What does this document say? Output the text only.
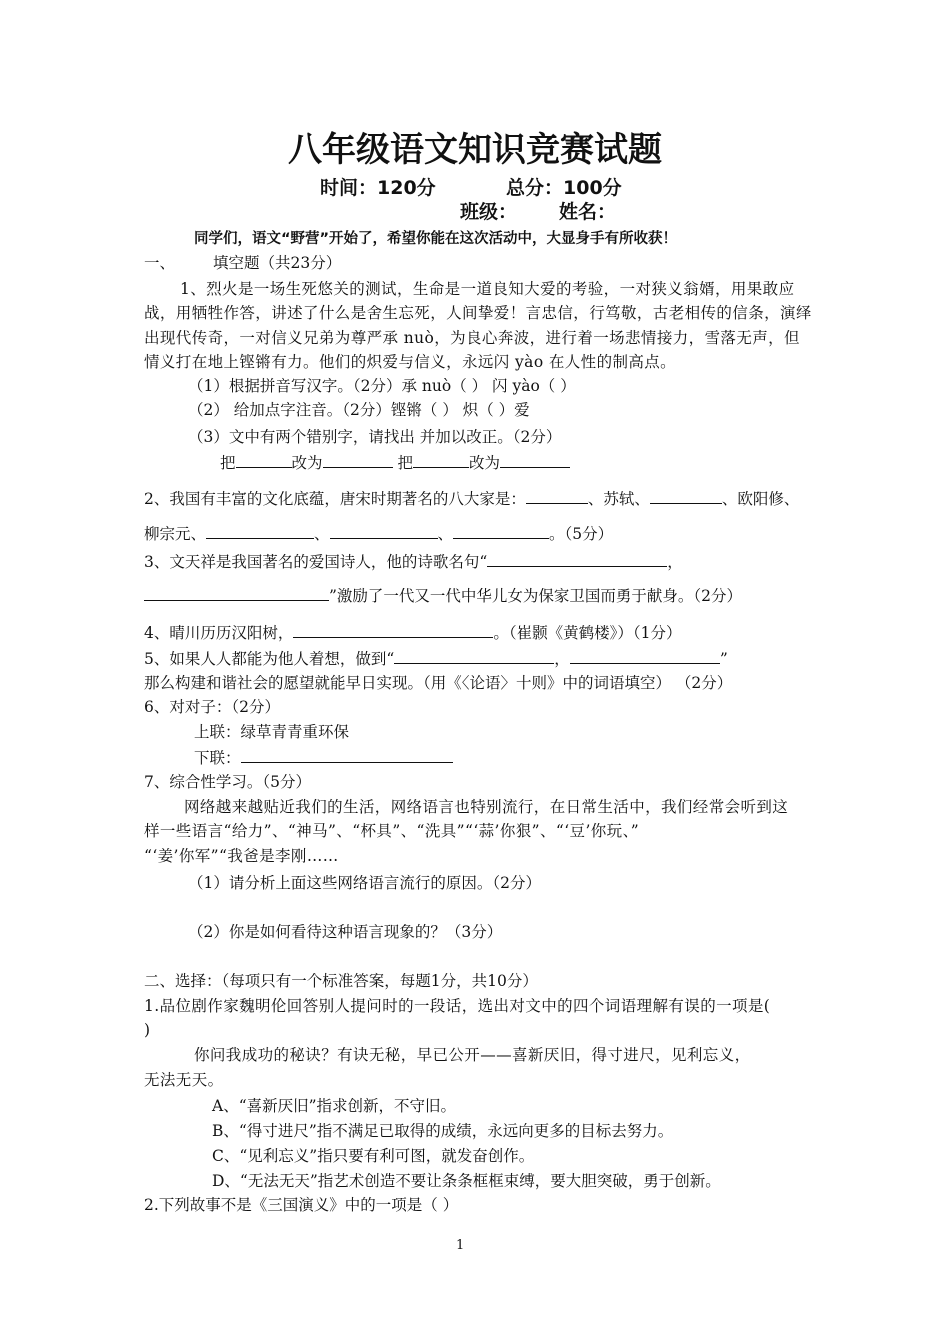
八年级语文知识竞赛试题
时间：120分	总分：100分
班级： 姓名：
同学们，语文“野营”开始了，希望你能在这次活动中，大显身手有所收获！
一、 填空题（共23分）
1、烈火是一场生死悠关的测试，生命是一道良知大爱的考验，一对狭义翁婿，用果敢应
战，用牺牲作答，讲述了什么是舍生忘死，人间挚爱！言忠信，行笃敬，古老相传的信条，演绎
出现代传奇，一对信义兄弟为尊严承 nuò，为良心奔波，进行着一场悲情接力，雪落无声，但
情义打在地上铿锵有力。他们的炽爱与信义，永远闪 yào 在人性的制高点。
（1）根据拼音写汉字。（2分）承 nuò（ ） 闪 yào（ ）
（2） 给加点字注音。（2分）铿锵（ ） 炽（ ）爱
（3）文中有两个错别字，请找出 并加以改正。（2分）
把	改为	把	改为
2、我国有丰富的文化底蕴，唐宋时期著名的八大家是：	、苏轼、	、欧阳修、
柳宗元、	、	、	。（5分）
3、文天祥是我国著名的爱国诗人，他的诗歌名句“	，
”激励了一代又一代中华儿女为保家卫国而勇于献身。（2分）
4、晴川历历汉阳树，	。（崔颢《黄鹤楼》）（1分）
5、如果人人都能为他人着想，做到“	，	”
那么构建和谐社会的愿望就能早日实现。（用《〈论语〉十则》中的词语填空） （2分）
6、对对子：（2分）
上联：绿草青青重环保
下联：
7、综合性学习。（5分）
网络越来越贴近我们的生活，网络语言也特别流行，在日常生活中，我们经常会听到这
样一些语言“给力”、“神马”、“杯具”、“洗具”“‘蒜’你狠”、“‘豆’你玩、”
“‘姜’你军”“我爸是李刚……
（1）请分析上面这些网络语言流行的原因。（2分）
（2）你是如何看待这种语言现象的？（3分）
二、选择：（每项只有一个标准答案，每题1分，共10分）
1.品位剧作家魏明伦回答别人提问时的一段话，选出对文中的四个词语理解有误的一项是(
)
你问我成功的秘诀？有诀无秘，早已公开——喜新厌旧，得寸进尺，见利忘义，
无法无天。
A、“喜新厌旧”指求创新，不守旧。
B、“得寸进尺”指不满足已取得的成绩，永远向更多的目标去努力。
C、“见利忘义”指只要有利可图，就发奋创作。
D、“无法无天”指艺术创造不要让条条框框束缚，要大胆突破，勇于创新。
2.下列故事不是《三国演义》中的一项是（ ）
1
